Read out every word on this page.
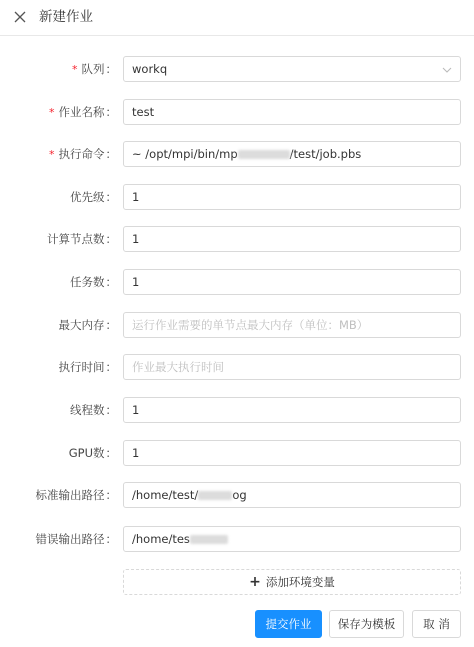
新建作业
* 队列 ： workq
* 作业名称 ： test
* 执行命令 ： ~ /opt/mpi/bin/mp	/test/job.pbs
优先级 ： 1
计算节点数 ： 1
任务数 ： 1
最大内存 ： 运行作业需要的单节点最大内存（单位：MB）
执行时间 ： 作业最大执行时间
线程数 ： 1
GPU数 ： 1
标准输出路径 ： /home/test/	og
错误输出路径 ： /home/tes
+ 添加环境变量
提交作业	保存为模板	取 消
